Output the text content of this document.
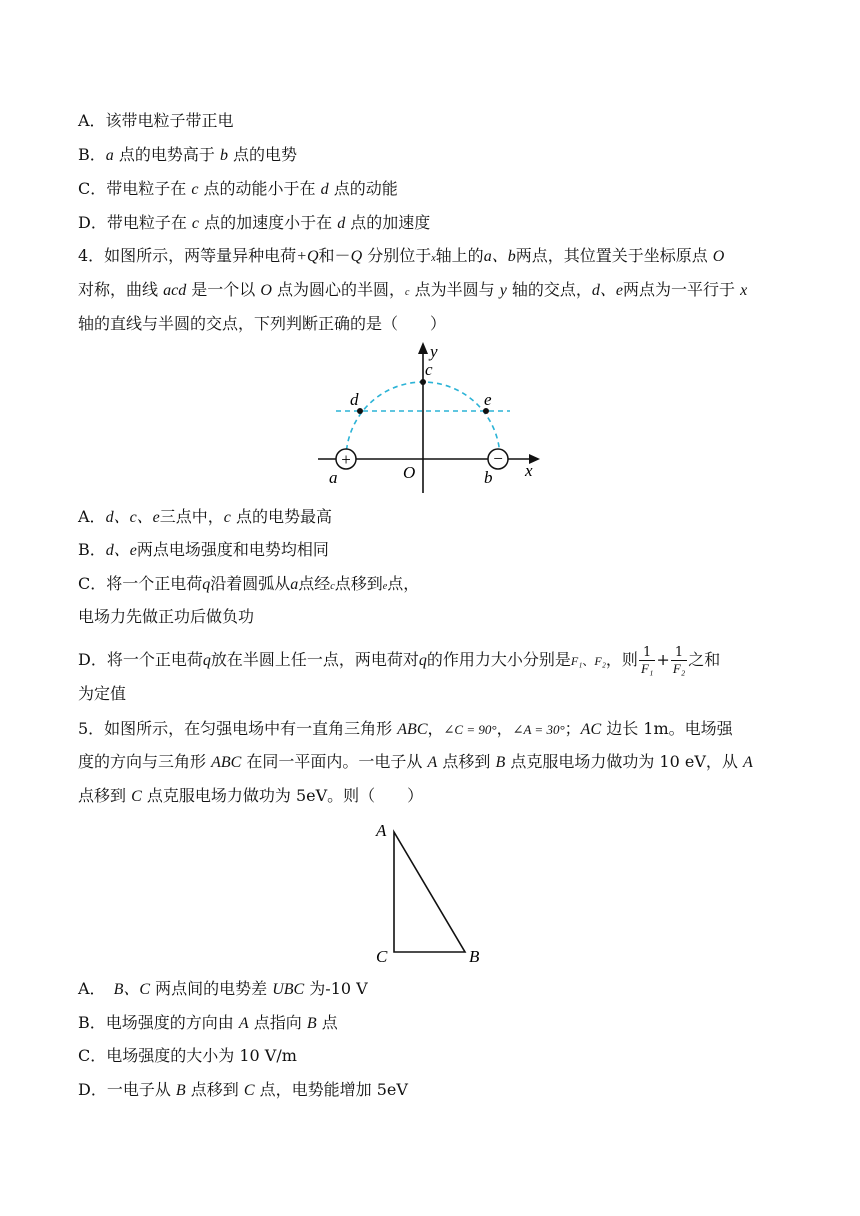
A．该带电粒子带正电
B．a 点的电势高于 b 点的电势
C．带电粒子在 c 点的动能小于在 d 点的动能
D．带电粒子在 c 点的加速度小于在 d 点的加速度
4．如图所示，两等量异种电荷+Q和－Q 分别位于x轴上的a、b两点，其位置关于坐标原点 O
对称，曲线 acd 是一个以 O 点为圆心的半圆，c 点为半圆与 y 轴的交点，d、e两点为一平行于 x
轴的直线与半圆的交点，下列判断正确的是（　　）
+	−
y
c
d	e
a	O	b x
A．d、c、e三点中，c 点的电势最高
B．d、e两点电场强度和电势均相同
C．将一个正电荷q沿着圆弧从a点经c点移到e点，
电场力先做正功后做负功
D．将一个正电荷q放在半圆上任一点，两电荷对q的作用力大小分别是F₁、F₂，则 $\frac{1}{\text{F₁}} + \frac{1}{\text{F₂}}$ 之和
为定值
5．如图所示，在匀强电场中有一直角三角形 ABC，∠C = 90°，∠A = 30°；AC 边长 1m。电场强
度的方向与三角形 ABC 在同一平面内。一电子从 A 点移到 B 点克服电场力做功为 10 eV，从 A
点移到 C 点克服电场力做功为 5eV。则（　　）
A
C	B
A．　B、C 两点间的电势差 UBC 为-10 V
B．电场强度的方向由 A 点指向 B 点
C．电场强度的大小为 10 V/m
D．一电子从 B 点移到 C 点，电势能增加 5eV
